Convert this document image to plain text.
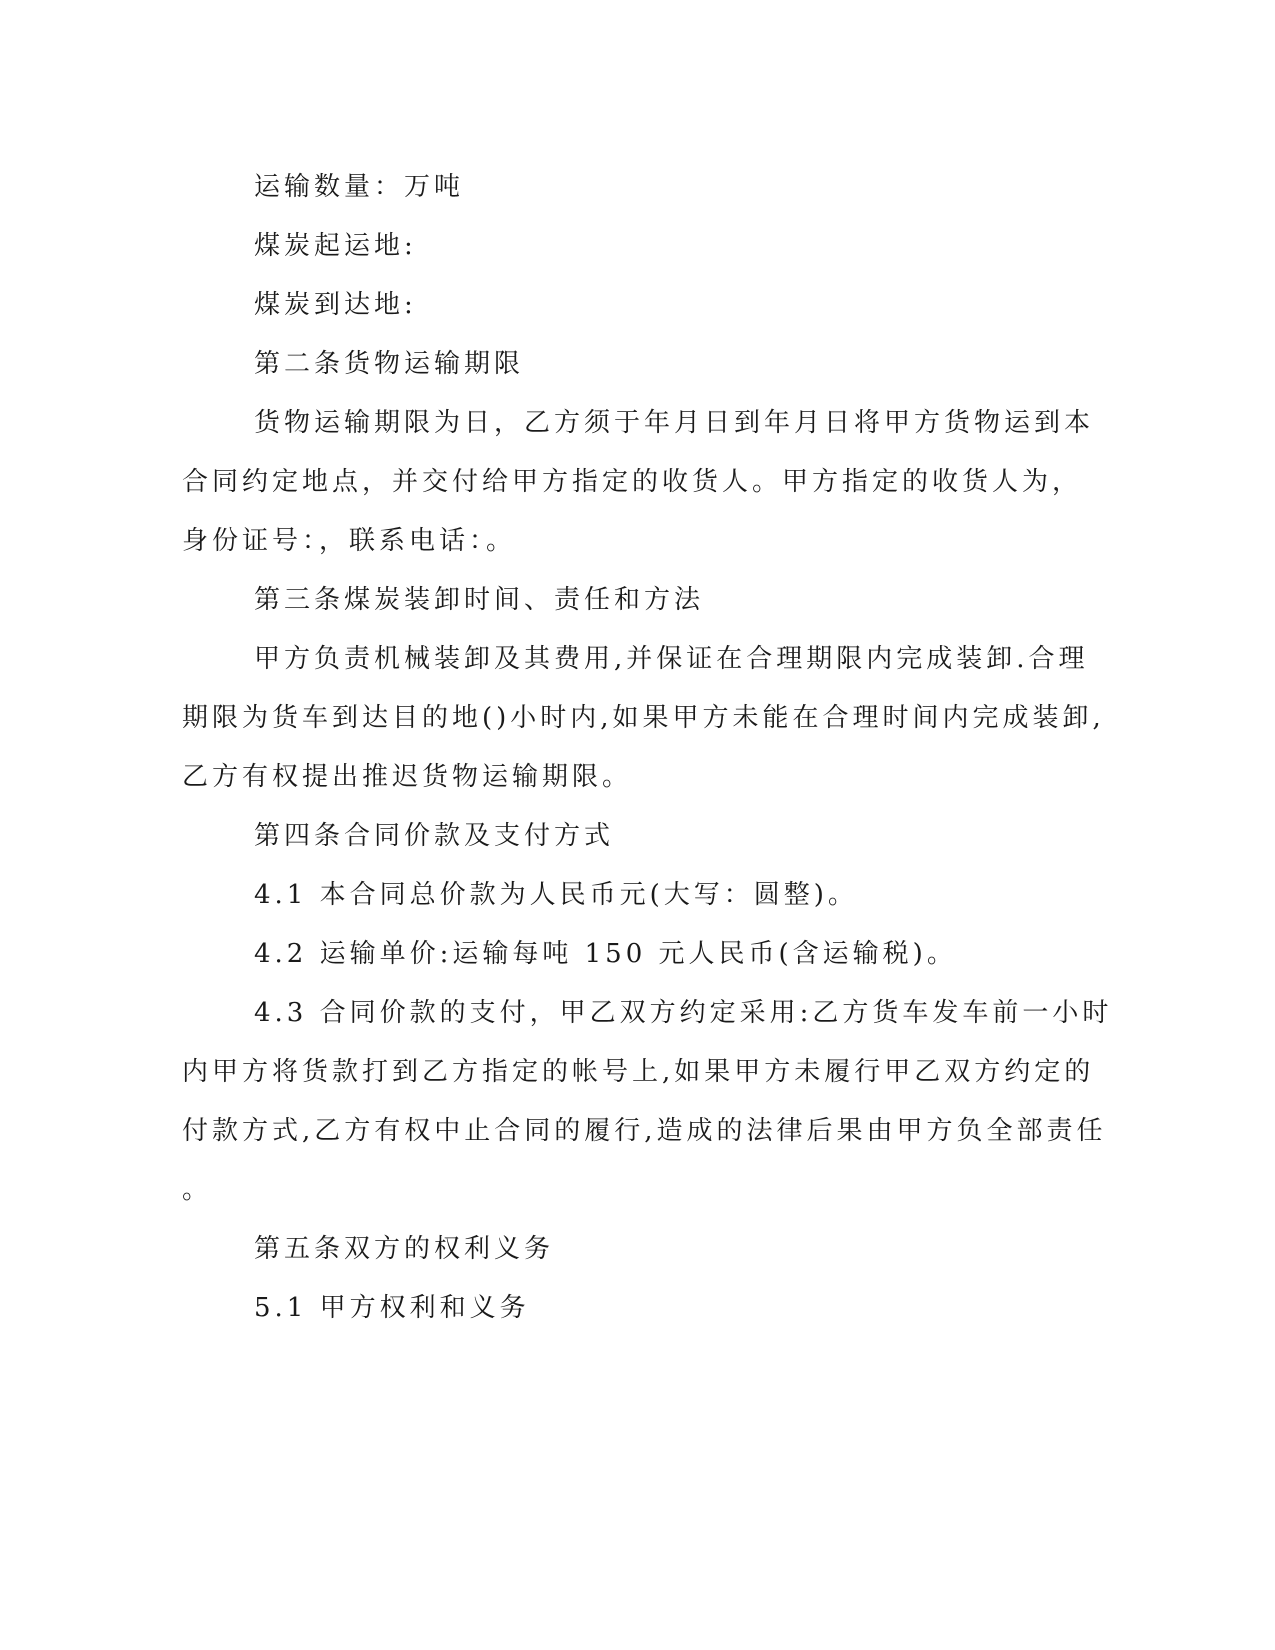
运输数量：万吨

煤炭起运地:

煤炭到达地:

第二条货物运输期限

货物运输期限为日，乙方须于年月日到年月日将甲方货物运到本
合同约定地点，并交付给甲方指定的收货人。甲方指定的收货人为，
身份证号：，联系电话：。

第三条煤炭装卸时间、责任和方法

甲方负责机械装卸及其费用,并保证在合理期限内完成装卸.合理
期限为货车到达目的地()小时内,如果甲方未能在合理时间内完成装卸,
乙方有权提出推迟货物运输期限。

第四条合同价款及支付方式

4.1 本合同总价款为人民币元(大写：圆整)。

4.2 运输单价:运输每吨 150 元人民币(含运输税)。

4.3 合同价款的支付，甲乙双方约定采用:乙方货车发车前一小时
内甲方将货款打到乙方指定的帐号上,如果甲方未履行甲乙双方约定的
付款方式,乙方有权中止合同的履行,造成的法律后果由甲方负全部责任
。

第五条双方的权利义务

5.1 甲方权利和义务
